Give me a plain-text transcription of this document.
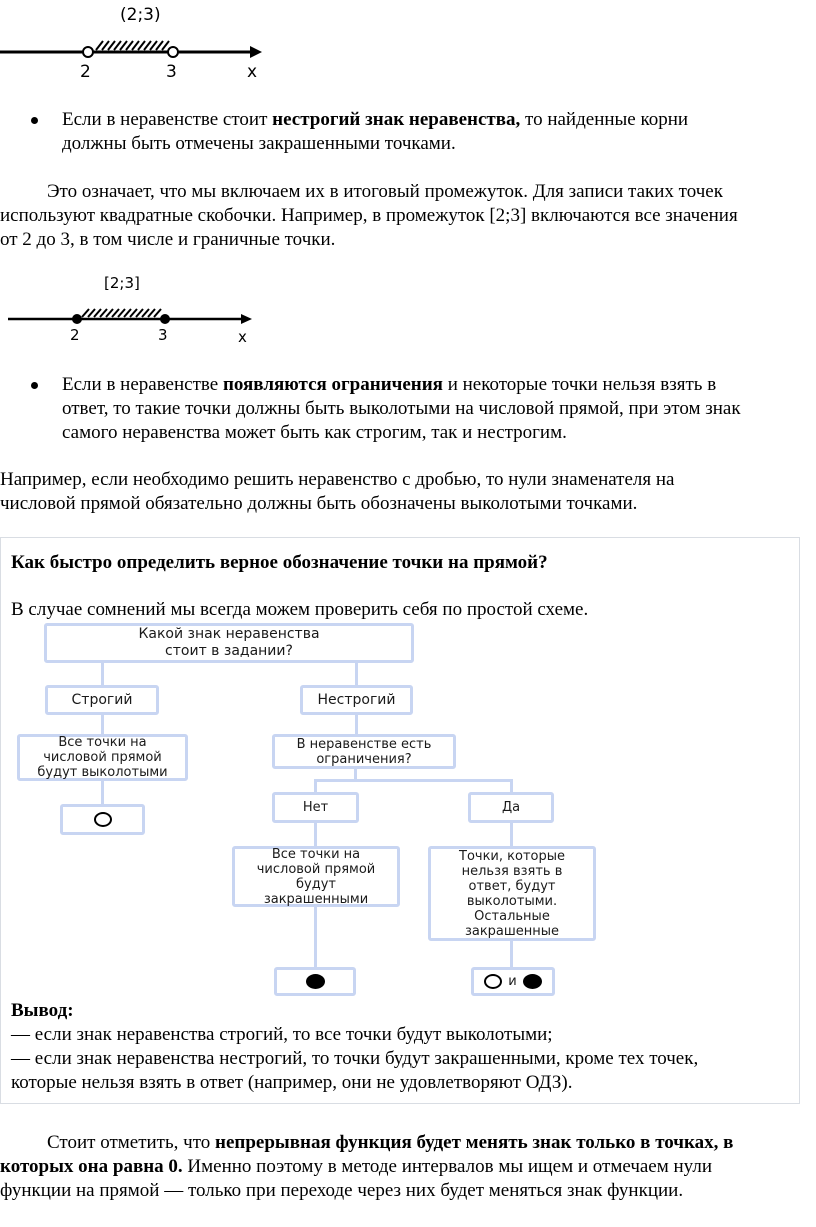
(2;3)
2	3	x
Если в неравенстве стоит нестрогий знак неравенства, то найденные корни
должны быть отмечены закрашенными точками.
Это означает, что мы включаем их в итоговый промежуток. Для записи таких точек
используют квадратные скобочки. Например, в промежуток [2;3] включаются все значения
от 2 до 3, в том числе и граничные точки.
[2;3]
2	3	x
Если в неравенстве появляются ограничения и некоторые точки нельзя взять в
ответ, то такие точки должны быть выколотыми на числовой прямой, при этом знак
самого неравенства может быть как строгим, так и нестрогим.
Например, если необходимо решить неравенство с дробью, то нули знаменателя на
числовой прямой обязательно должны быть обозначены выколотыми точками.
Как быстро определить верное обозначение точки на прямой?
В случае сомнений мы всегда можем проверить себя по простой схеме.
Какой знак неравенства
стоит в задании?
Строгий	Нестрогий
Все точки на
числовой прямой
будут выколотыми
В неравенстве есть
ограничения?
Нет	Да
Все точки на
числовой прямой
будут
закрашенными
Точки, которые
нельзя взять в
ответ, будут
выколотыми.
Остальные
закрашенные
и
Вывод:
— если знак неравенства строгий, то все точки будут выколотыми;
— если знак неравенства нестрогий, то точки будут закрашенными, кроме тех точек,
которые нельзя взять в ответ (например, они не удовлетворяют ОДЗ).
Стоит отметить, что непрерывная функция будет менять знак только в точках, в
которых она равна 0. Именно поэтому в методе интервалов мы ищем и отмечаем нули
функции на прямой — только при переходе через них будет меняться знак функции.
